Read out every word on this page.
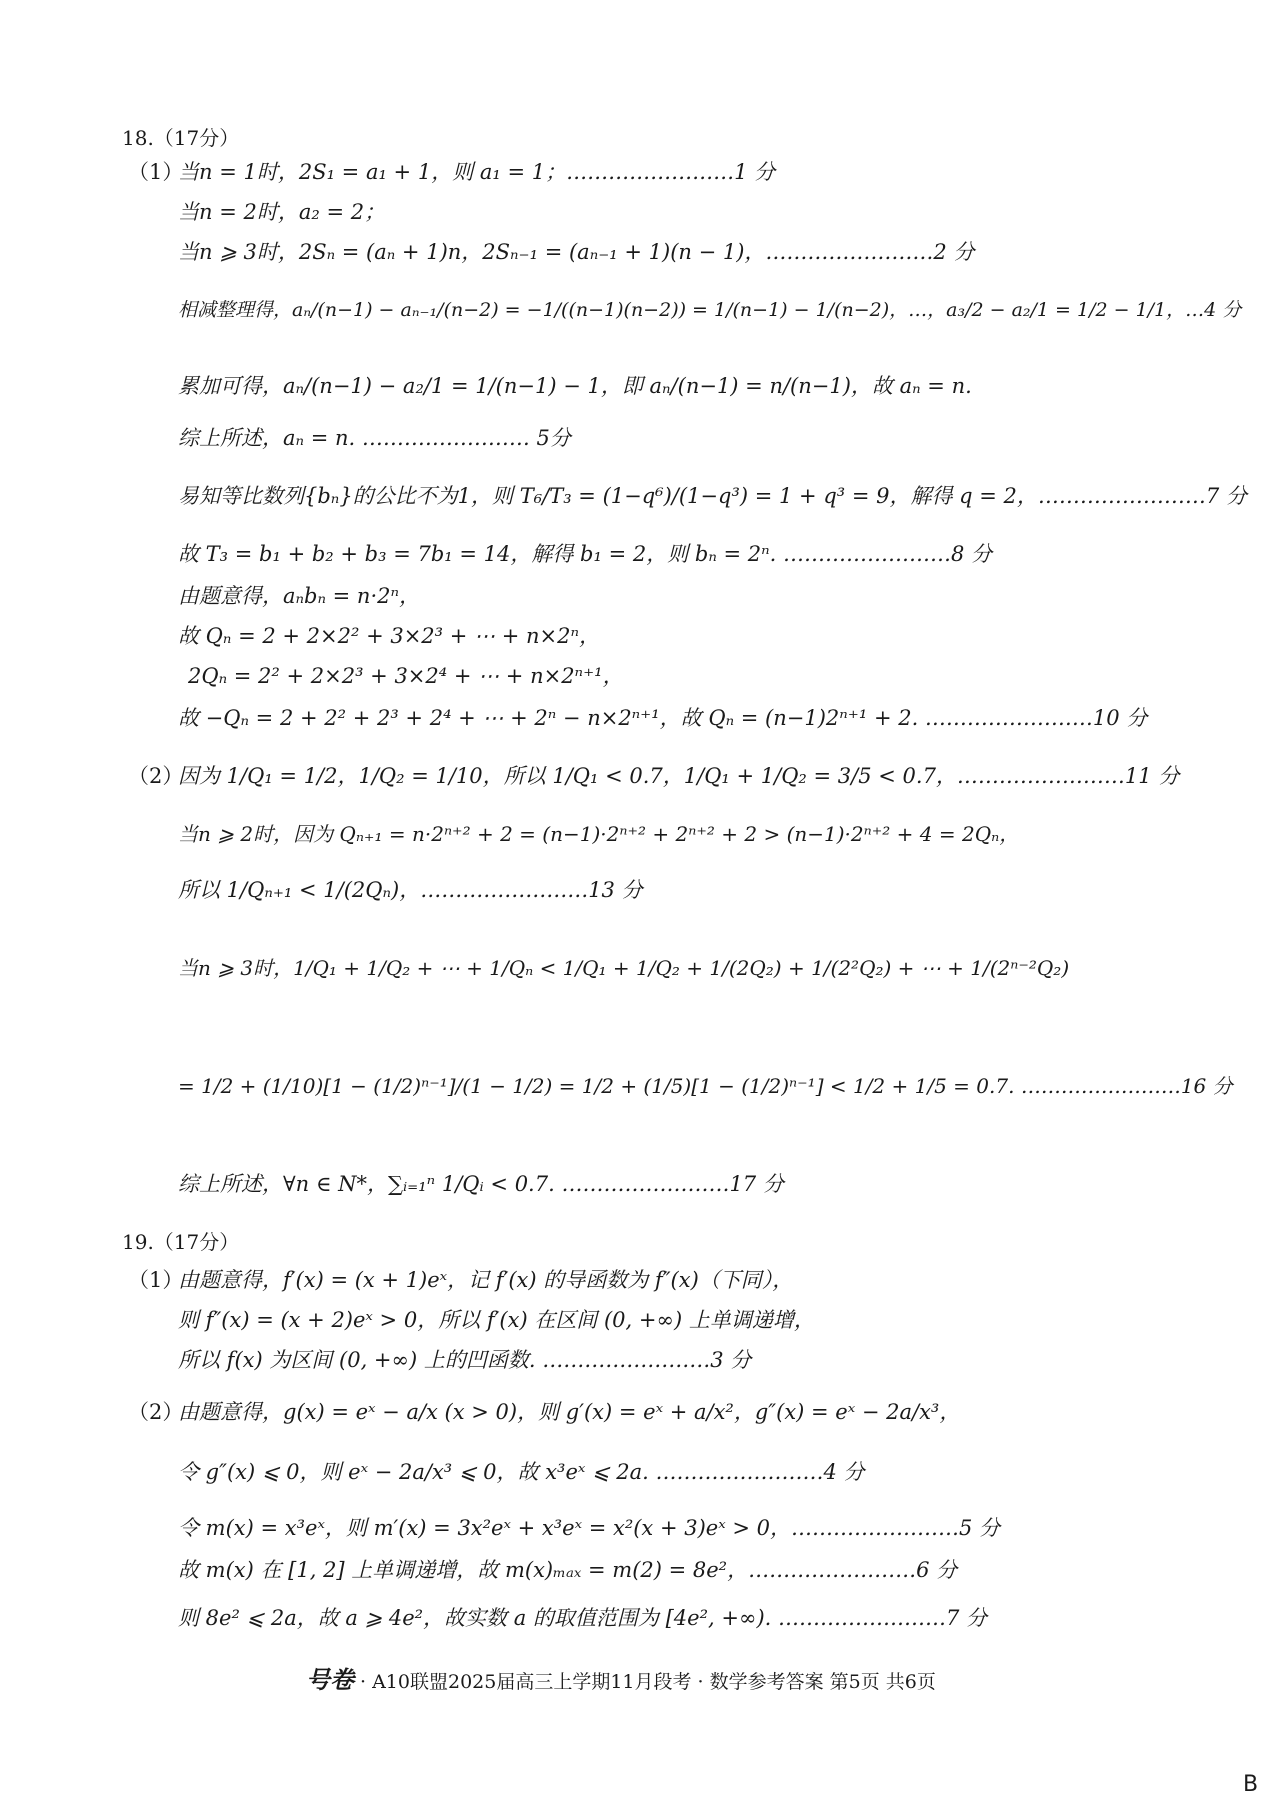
18.（17分）
（1）
当n = 1时，2S₁ = a₁ + 1，则 a₁ = 1；……………………1 分
当n = 2时，a₂ = 2；
当n ⩾ 3时，2Sₙ = (aₙ + 1)n，2Sₙ₋₁ = (aₙ₋₁ + 1)(n − 1)，……………………2 分
相减整理得，aₙ/(n−1) − aₙ₋₁/(n−2) = −1/((n−1)(n−2)) = 1/(n−1) − 1/(n−2)，…，a₃/2 − a₂/1 = 1/2 − 1/1，…4 分
累加可得，aₙ/(n−1) − a₂/1 = 1/(n−1) − 1，即 aₙ/(n−1) = n/(n−1)，故 aₙ = n.
综上所述，aₙ = n. …………………… 5分
易知等比数列{bₙ}的公比不为1，则 T₆/T₃ = (1−q⁶)/(1−q³) = 1 + q³ = 9，解得 q = 2，……………………7 分
故 T₃ = b₁ + b₂ + b₃ = 7b₁ = 14，解得 b₁ = 2，则 bₙ = 2ⁿ. ……………………8 分
由题意得，aₙbₙ = n·2ⁿ，
故 Qₙ = 2 + 2×2² + 3×2³ + ⋯ + n×2ⁿ，
2Qₙ = 2² + 2×2³ + 3×2⁴ + ⋯ + n×2ⁿ⁺¹，
故 −Qₙ = 2 + 2² + 2³ + 2⁴ + ⋯ + 2ⁿ − n×2ⁿ⁺¹，故 Qₙ = (n−1)2ⁿ⁺¹ + 2. ……………………10 分
（2）
因为 1/Q₁ = 1/2，1/Q₂ = 1/10，所以 1/Q₁ < 0.7，1/Q₁ + 1/Q₂ = 3/5 < 0.7，……………………11 分
当n ⩾ 2时，因为 Qₙ₊₁ = n·2ⁿ⁺² + 2 = (n−1)·2ⁿ⁺² + 2ⁿ⁺² + 2 > (n−1)·2ⁿ⁺² + 4 = 2Qₙ，
所以 1/Qₙ₊₁ < 1/(2Qₙ)，……………………13 分
当n ⩾ 3时，1/Q₁ + 1/Q₂ + ⋯ + 1/Qₙ < 1/Q₁ + 1/Q₂ + 1/(2Q₂) + 1/(2²Q₂) + ⋯ + 1/(2ⁿ⁻²Q₂)
= 1/2 + (1/10)[1 − (1/2)ⁿ⁻¹]/(1 − 1/2) = 1/2 + (1/5)[1 − (1/2)ⁿ⁻¹] < 1/2 + 1/5 = 0.7. ……………………16 分
综上所述，∀n ∈ N*，∑ᵢ₌₁ⁿ 1/Qᵢ < 0.7. ……………………17 分
19.（17分）
（1）
由题意得，f′(x) = (x + 1)eˣ，记 f′(x) 的导函数为 f″(x)（下同），
则 f″(x) = (x + 2)eˣ > 0，所以 f′(x) 在区间 (0, +∞) 上单调递增，
所以 f(x) 为区间 (0, +∞) 上的凹函数. ……………………3 分
（2）
由题意得，g(x) = eˣ − a/x (x > 0)，则 g′(x) = eˣ + a/x²，g″(x) = eˣ − 2a/x³，
令 g″(x) ⩽ 0，则 eˣ − 2a/x³ ⩽ 0，故 x³eˣ ⩽ 2a. ……………………4 分
令 m(x) = x³eˣ，则 m′(x) = 3x²eˣ + x³eˣ = x²(x + 3)eˣ > 0，……………………5 分
故 m(x) 在 [1, 2] 上单调递增，故 m(x)ₘₐₓ = m(2) = 8e²，……………………6 分
则 8e² ⩽ 2a，故 a ⩾ 4e²，故实数 a 的取值范围为 [4e², +∞). ……………………7 分
号卷 · A10联盟2025届高三上学期11月段考 · 数学参考答案 第5页 共6页
B
